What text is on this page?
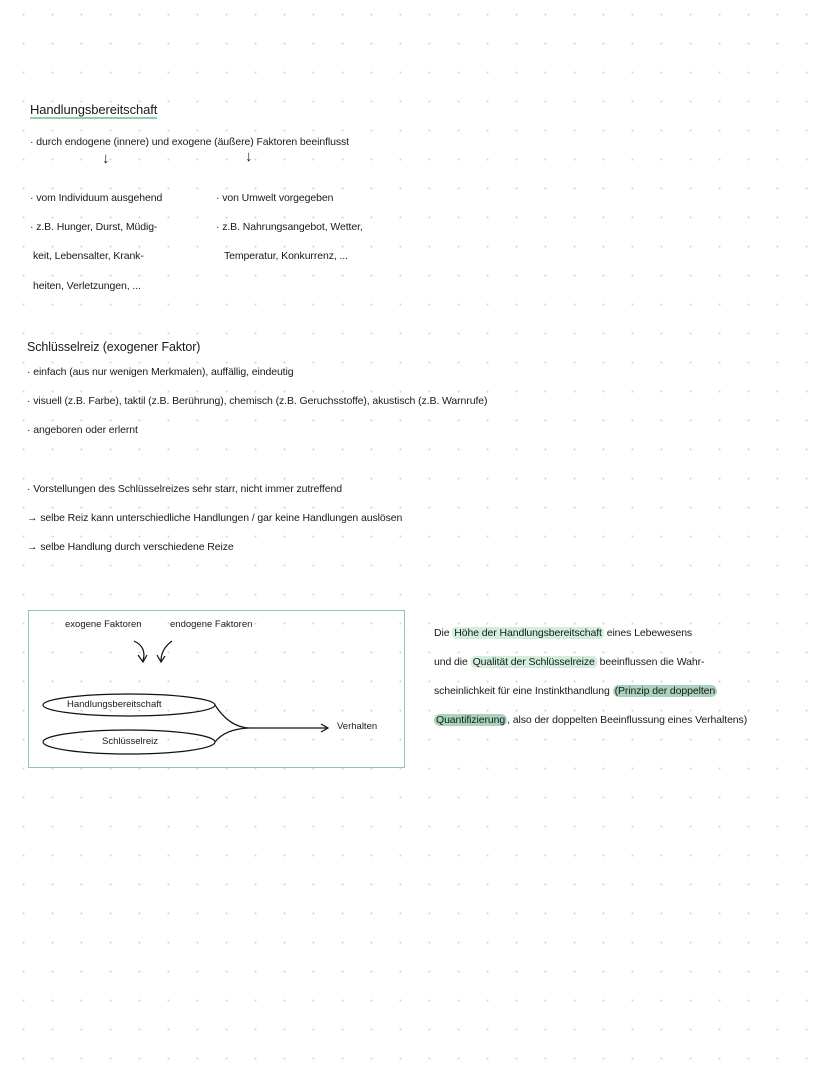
Handlungsbereitschaft
· durch endogene (innere) und exogene (äußere) Faktoren beeinflusst
↓	↓
· vom Individuum ausgehend
· z.B. Hunger, Durst, Müdig-
keit, Lebensalter, Krank-
heiten, Verletzungen, ...
· von Umwelt vorgegeben
· z.B. Nahrungsangebot, Wetter,
Temperatur, Konkurrenz, ...
Schlüsselreiz (exogener Faktor)
· einfach (aus nur wenigen Merkmalen), auffällig, eindeutig
· visuell (z.B. Farbe), taktil (z.B. Berührung), chemisch (z.B. Geruchsstoffe), akustisch (z.B. Warnrufe)
· angeboren oder erlernt
· Vorstellungen des Schlüsselreizes sehr starr, nicht immer zutreffend
→ selbe Reiz kann unterschiedliche Handlungen / gar keine Handlungen auslösen
→ selbe Handlung durch verschiedene Reize
exogene Faktoren	endogene Faktoren
Handlungsbereitschaft
Schlüsselreiz
Verhalten
Die Höhe der Handlungsbereitschaft eines Lebewesens
und die Qualität der Schlüsselreize beeinflussen die Wahr-
scheinlichkeit für eine Instinkthandlung (Prinzip der doppelten
Quantifizierung , also der doppelten Beeinflussung eines Verhaltens)
